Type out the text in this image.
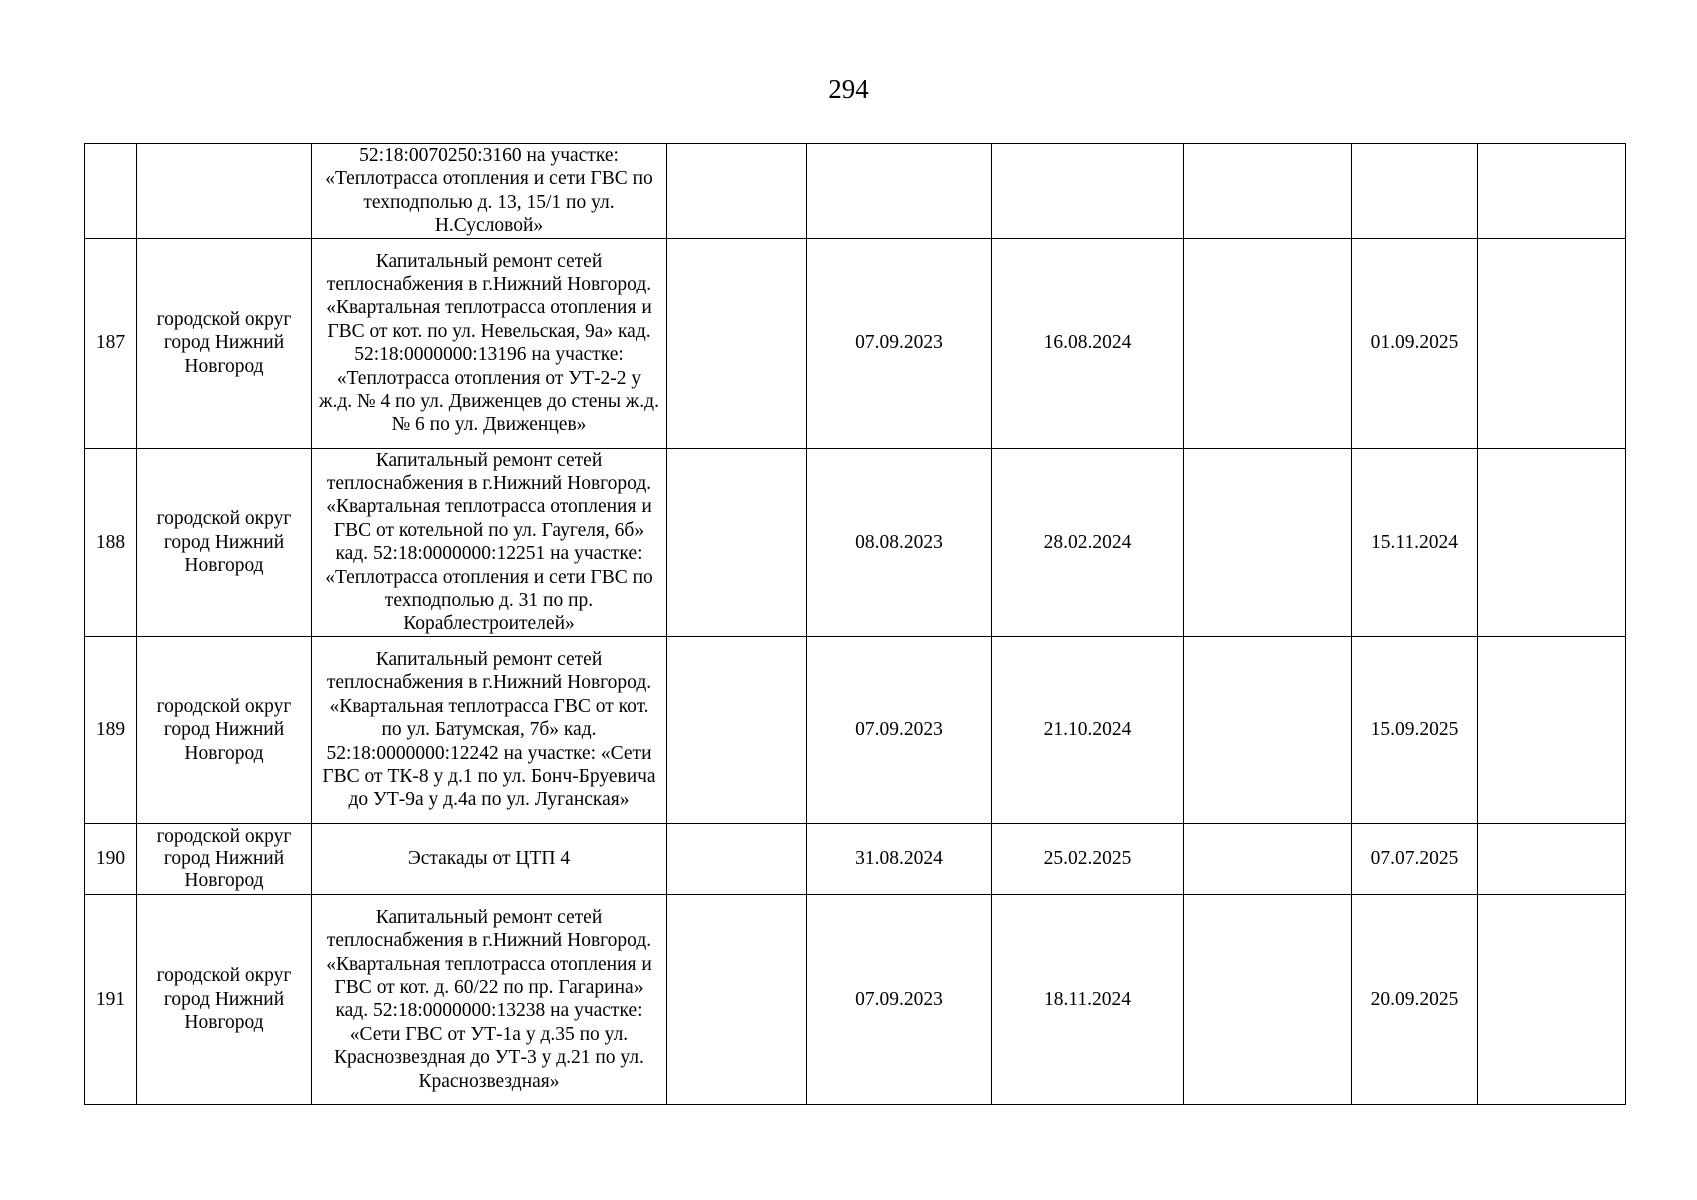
294
		52:18:0070250:3160 на участке: «Теплотрасса отопления и сети ГВС по техподполью д. 13, 15/1 по ул. Н.Сусловой»						
187	городской округ город Нижний Новгород	Капитальный ремонт сетей теплоснабжения в г.Нижний Новгород. «Квартальная теплотрасса отопления и ГВС от кот. по ул. Невельская, 9а» кад. 52:18:0000000:13196 на участке: «Теплотрасса отопления от УТ-2-2 у ж.д. № 4 по ул. Движенцев до стены ж.д. № 6 по ул. Движенцев»		07.09.2023	16.08.2024		01.09.2025	
188	городской округ город Нижний Новгород	Капитальный ремонт сетей теплоснабжения в г.Нижний Новгород. «Квартальная теплотрасса отопления и ГВС от котельной по ул. Гаугеля, 6б» кад. 52:18:0000000:12251 на участке: «Теплотрасса отопления и сети ГВС по техподполью д. 31 по пр. Кораблестроителей»		08.08.2023	28.02.2024		15.11.2024	
189	городской округ город Нижний Новгород	Капитальный ремонт сетей теплоснабжения в г.Нижний Новгород. «Квартальная теплотрасса ГВС от кот. по ул. Батумская, 7б» кад. 52:18:0000000:12242 на участке: «Сети ГВС от ТК-8 у д.1 по ул. Бонч-Бруевича до УТ-9а у д.4а по ул. Луганская»		07.09.2023	21.10.2024		15.09.2025	
190	городской округ город Нижний Новгород	Эстакады от ЦТП 4		31.08.2024	25.02.2025		07.07.2025	
191	городской округ город Нижний Новгород	Капитальный ремонт сетей теплоснабжения в г.Нижний Новгород. «Квартальная теплотрасса отопления и ГВС от кот. д. 60/22 по пр. Гагарина» кад. 52:18:0000000:13238 на участке: «Сети ГВС от УТ-1а у д.35 по ул. Краснозвездная до УТ-3 у д.21 по ул. Краснозвездная»		07.09.2023	18.11.2024		20.09.2025	
